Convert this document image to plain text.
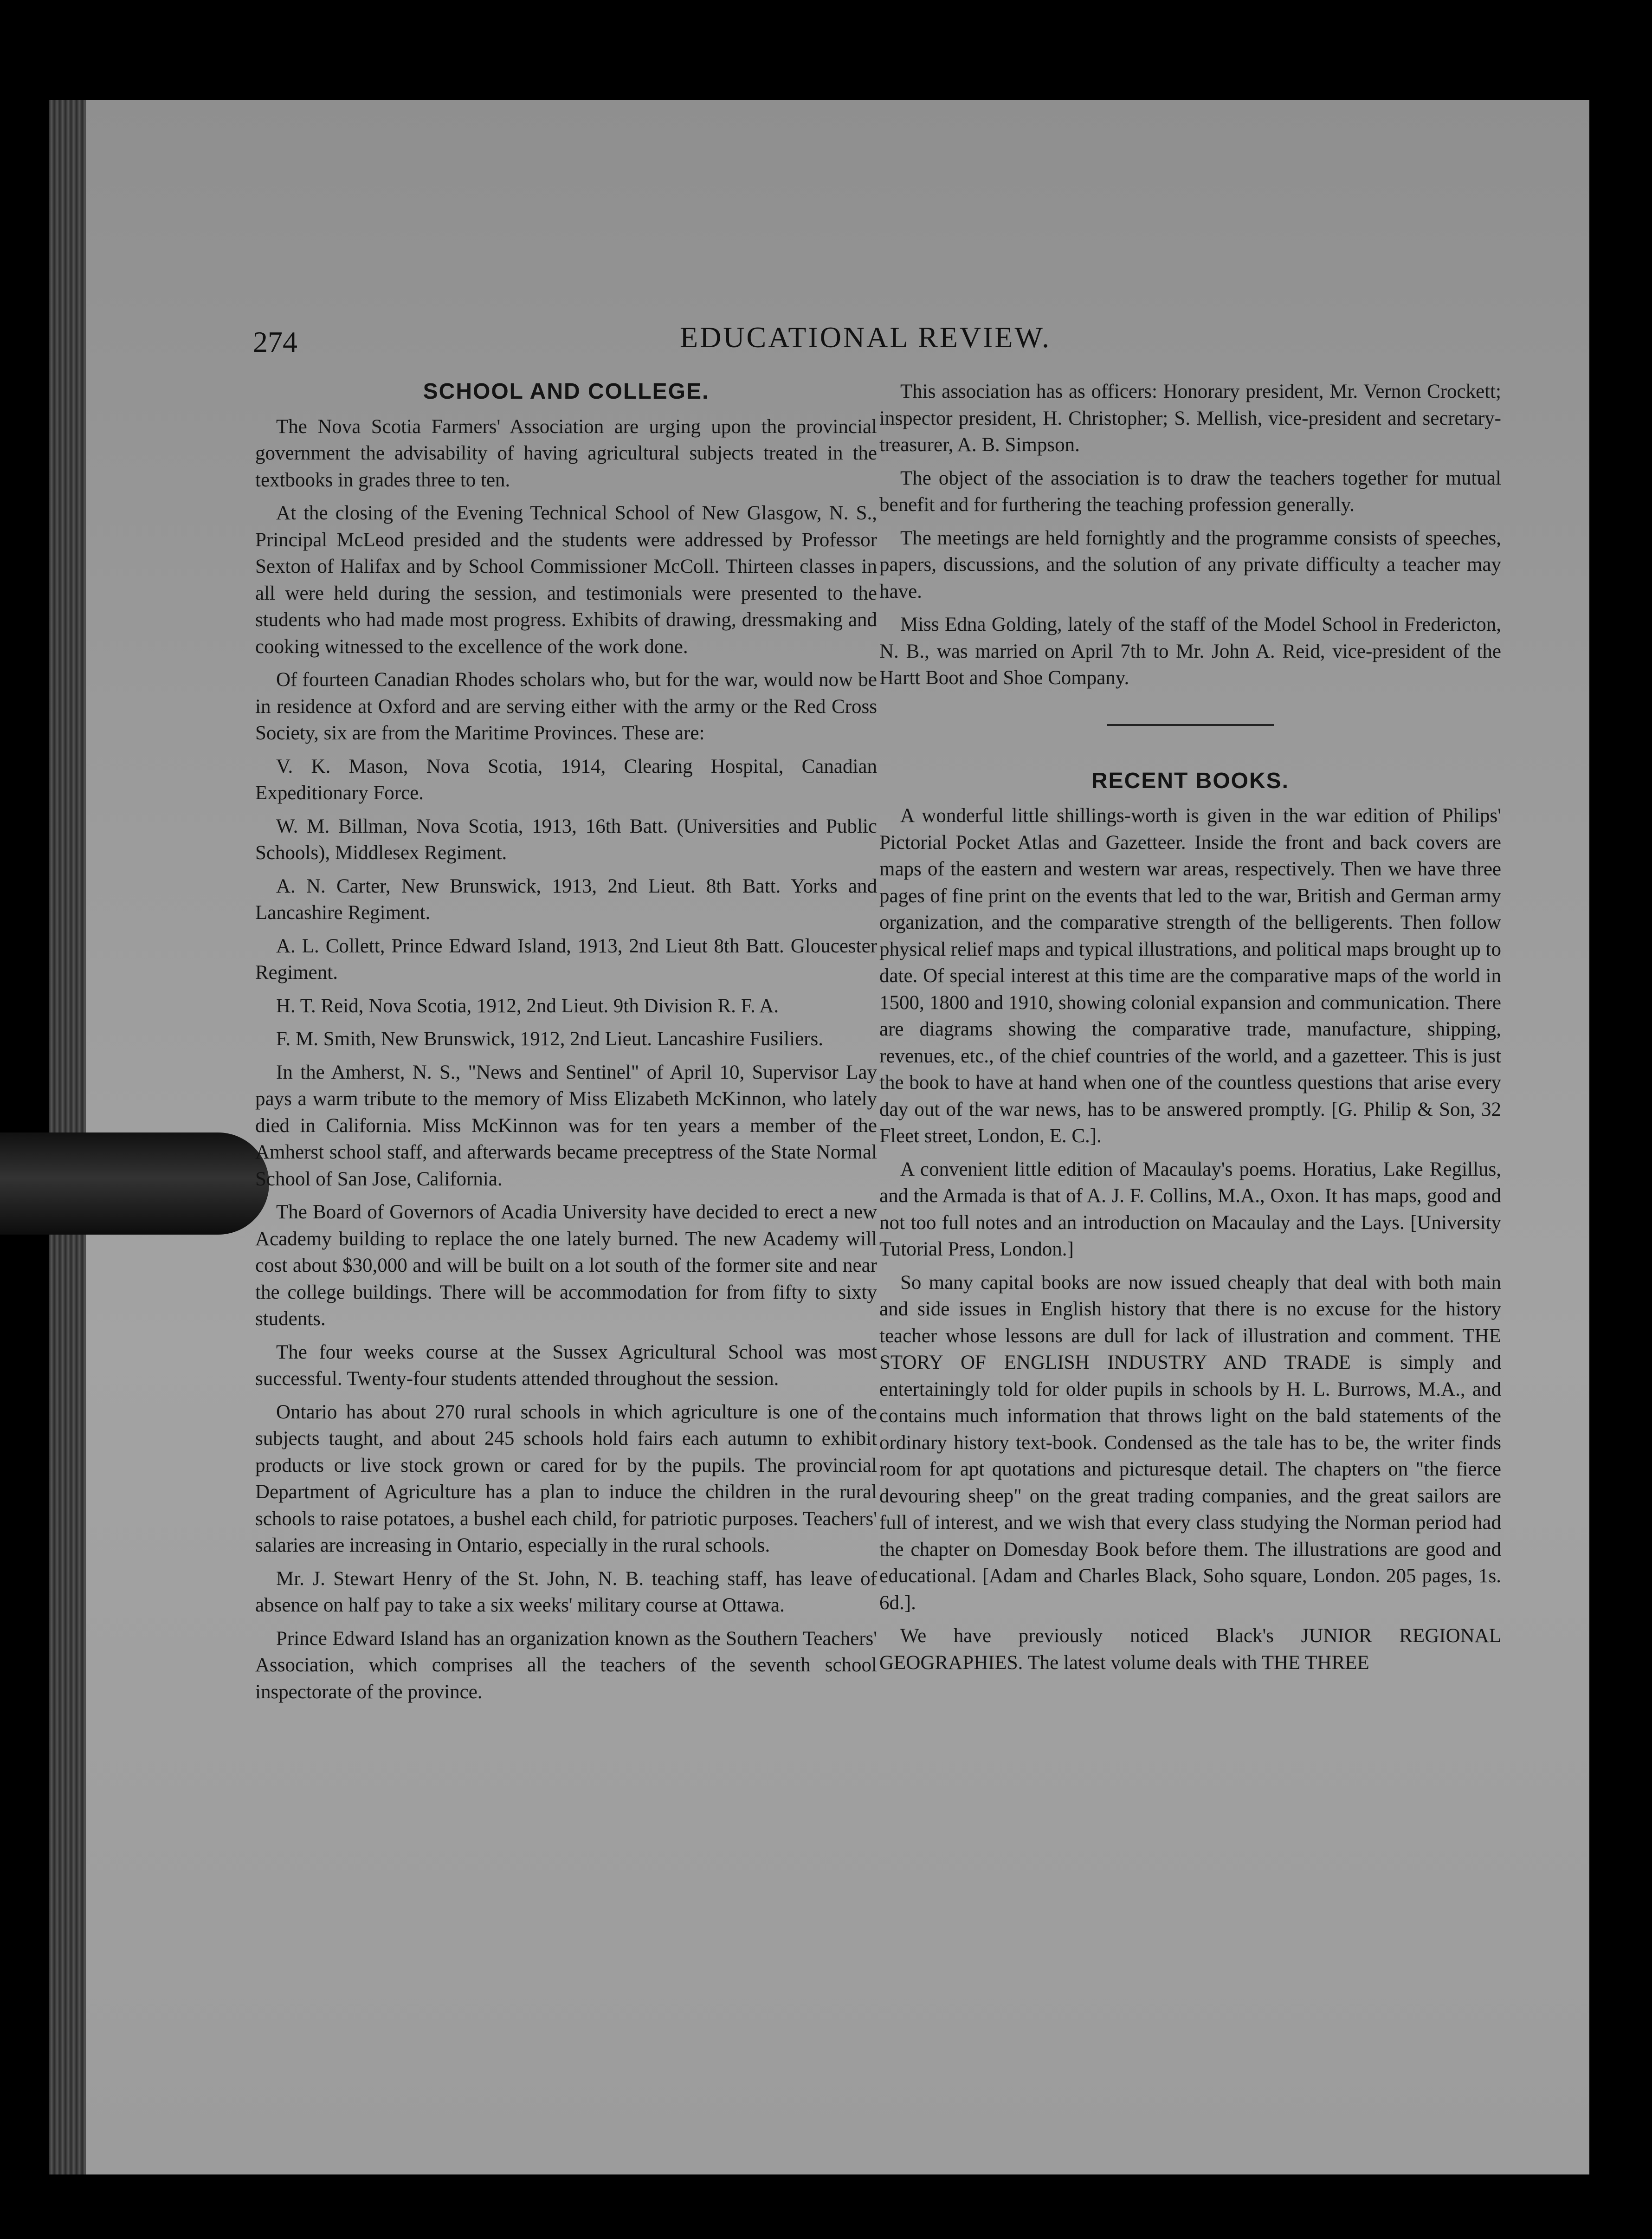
274	EDUCATIONAL REVIEW.
SCHOOL AND COLLEGE.

The Nova Scotia Farmers' Association are urging upon the provincial government the advisability of having agricultural subjects treated in the textbooks in grades three to ten.

At the closing of the Evening Technical School of New Glasgow, N. S., Principal McLeod presided and the students were addressed by Professor Sexton of Halifax and by School Commissioner McColl. Thirteen classes in all were held during the session, and testimonials were presented to the students who had made most progress. Exhibits of drawing, dressmaking and cooking witnessed to the excellence of the work done.

Of fourteen Canadian Rhodes scholars who, but for the war, would now be in residence at Oxford and are serving either with the army or the Red Cross Society, six are from the Maritime Provinces. These are:

V. K. Mason, Nova Scotia, 1914, Clearing Hospital, Canadian Expeditionary Force.

W. M. Billman, Nova Scotia, 1913, 16th Batt. (Universities and Public Schools), Middlesex Regiment.

A. N. Carter, New Brunswick, 1913, 2nd Lieut. 8th Batt. Yorks and Lancashire Regiment.

A. L. Collett, Prince Edward Island, 1913, 2nd Lieut 8th Batt. Gloucester Regiment.

H. T. Reid, Nova Scotia, 1912, 2nd Lieut. 9th Division R. F. A.

F. M. Smith, New Brunswick, 1912, 2nd Lieut. Lancashire Fusiliers.

In the Amherst, N. S., "News and Sentinel" of April 10, Supervisor Lay pays a warm tribute to the memory of Miss Elizabeth McKinnon, who lately died in California. Miss McKinnon was for ten years a member of the Amherst school staff, and afterwards became preceptress of the State Normal School of San Jose, California.

The Board of Governors of Acadia University have decided to erect a new Academy building to replace the one lately burned. The new Academy will cost about $30,000 and will be built on a lot south of the former site and near the college buildings. There will be accommodation for from fifty to sixty students.

The four weeks course at the Sussex Agricultural School was most successful. Twenty-four students attended throughout the session.

Ontario has about 270 rural schools in which agriculture is one of the subjects taught, and about 245 schools hold fairs each autumn to exhibit products or live stock grown or cared for by the pupils. The provincial Department of Agriculture has a plan to induce the children in the rural schools to raise potatoes, a bushel each child, for patriotic purposes. Teachers' salaries are increasing in Ontario, especially in the rural schools.

Mr. J. Stewart Henry of the St. John, N. B. teaching staff, has leave of absence on half pay to take a six weeks' military course at Ottawa.

Prince Edward Island has an organization known as the Southern Teachers' Association, which comprises all the teachers of the seventh school inspectorate of the province.

This association has as officers: Honorary president, Mr. Vernon Crockett; inspector president, H. Christopher; S. Mellish, vice-president and secretary-treasurer, A. B. Simpson.

The object of the association is to draw the teachers together for mutual benefit and for furthering the teaching profession generally.

The meetings are held fornightly and the programme consists of speeches, papers, discussions, and the solution of any private difficulty a teacher may have.

Miss Edna Golding, lately of the staff of the Model School in Fredericton, N. B., was married on April 7th to Mr. John A. Reid, vice-president of the Hartt Boot and Shoe Company.

RECENT BOOKS.

A wonderful little shillings-worth is given in the war edition of Philips' Pictorial Pocket Atlas and Gazetteer. Inside the front and back covers are maps of the eastern and western war areas, respectively. Then we have three pages of fine print on the events that led to the war, British and German army organization, and the comparative strength of the belligerents. Then follow physical relief maps and typical illustrations, and political maps brought up to date. Of special interest at this time are the comparative maps of the world in 1500, 1800 and 1910, showing colonial expansion and communication. There are diagrams showing the comparative trade, manufacture, shipping, revenues, etc., of the chief countries of the world, and a gazetteer. This is just the book to have at hand when one of the countless questions that arise every day out of the war news, has to be answered promptly. [G. Philip & Son, 32 Fleet street, London, E. C.].

A convenient little edition of Macaulay's poems. Horatius, Lake Regillus, and the Armada is that of A. J. F. Collins, M.A., Oxon. It has maps, good and not too full notes and an introduction on Macaulay and the Lays. [University Tutorial Press, London.]

So many capital books are now issued cheaply that deal with both main and side issues in English history that there is no excuse for the history teacher whose lessons are dull for lack of illustration and comment. THE STORY OF ENGLISH INDUSTRY AND TRADE is simply and entertainingly told for older pupils in schools by H. L. Burrows, M.A., and contains much information that throws light on the bald statements of the ordinary history text-book. Condensed as the tale has to be, the writer finds room for apt quotations and picturesque detail. The chapters on "the fierce devouring sheep" on the great trading companies, and the great sailors are full of interest, and we wish that every class studying the Norman period had the chapter on Domesday Book before them. The illustrations are good and educational. [Adam and Charles Black, Soho square, London. 205 pages, 1s. 6d.].

We have previously noticed Black's JUNIOR REGIONAL GEOGRAPHIES. The latest volume deals with THE THREE
